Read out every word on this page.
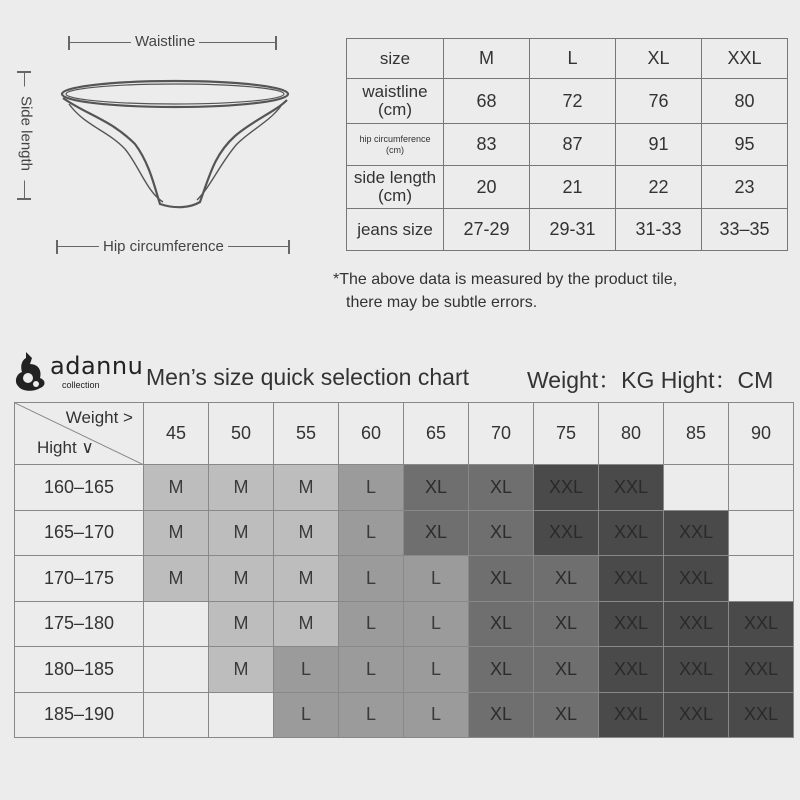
Waistline
Side length
Hip circumference
size	M	L	XL	XXL
waistline
(cm)	68	72	76	80
hip circumference
(cm)	83	87	91	95
side length
(cm)	20	21	22	23
jeans size	27-29	29-31	31-33	33–35
*The above data is measured by the product tile,
there may be subtle errors.
adannu
collection Men’s size quick selection chart	Weight：KG Hight：CM
Weight >
Hight ∨	45	50	55	60	65	70	75	80	85	90
160–165	M	M	M	L	XL	XL	XXL	XXL		
165–170	M	M	M	L	XL	XL	XXL	XXL	XXL	
170–175	M	M	M	L	L	XL	XL	XXL	XXL	
175–180		M	M	L	L	XL	XL	XXL	XXL	XXL
180–185		M	L	L	L	XL	XL	XXL	XXL	XXL
185–190			L	L	L	XL	XL	XXL	XXL	XXL
